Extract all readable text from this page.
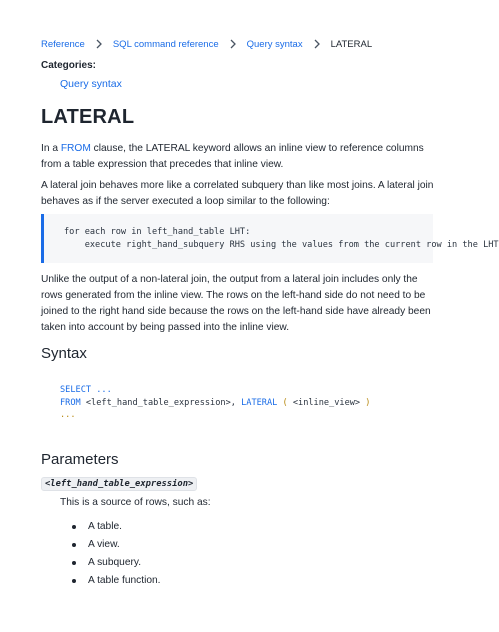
Reference	SQL command reference	Query syntax	LATERAL
Categories:
Query syntax
LATERAL

In a FROM clause, the LATERAL keyword allows an inline view to reference columns from a table expression that precedes that inline view.

A lateral join behaves more like a correlated subquery than like most joins. A lateral join behaves as if the server executed a loop similar to the following:

for each row in left_hand_table LHT:
execute right_hand_subquery RHS using the values from the current row in the LHT

Unlike the output of a non-lateral join, the output from a lateral join includes only the rows generated from the inline view. The rows on the left-hand side do not need to be joined to the right hand side because the rows on the left-hand side have already been taken into account by being passed into the inline view.

Syntax
SELECT ...
FROM <left_hand_table_expression>, LATERAL ( <inline_view> )
...
Parameters
<left_hand_table_expression>

This is a source of rows, such as:

A table.
A view.
A subquery.
A table function.
